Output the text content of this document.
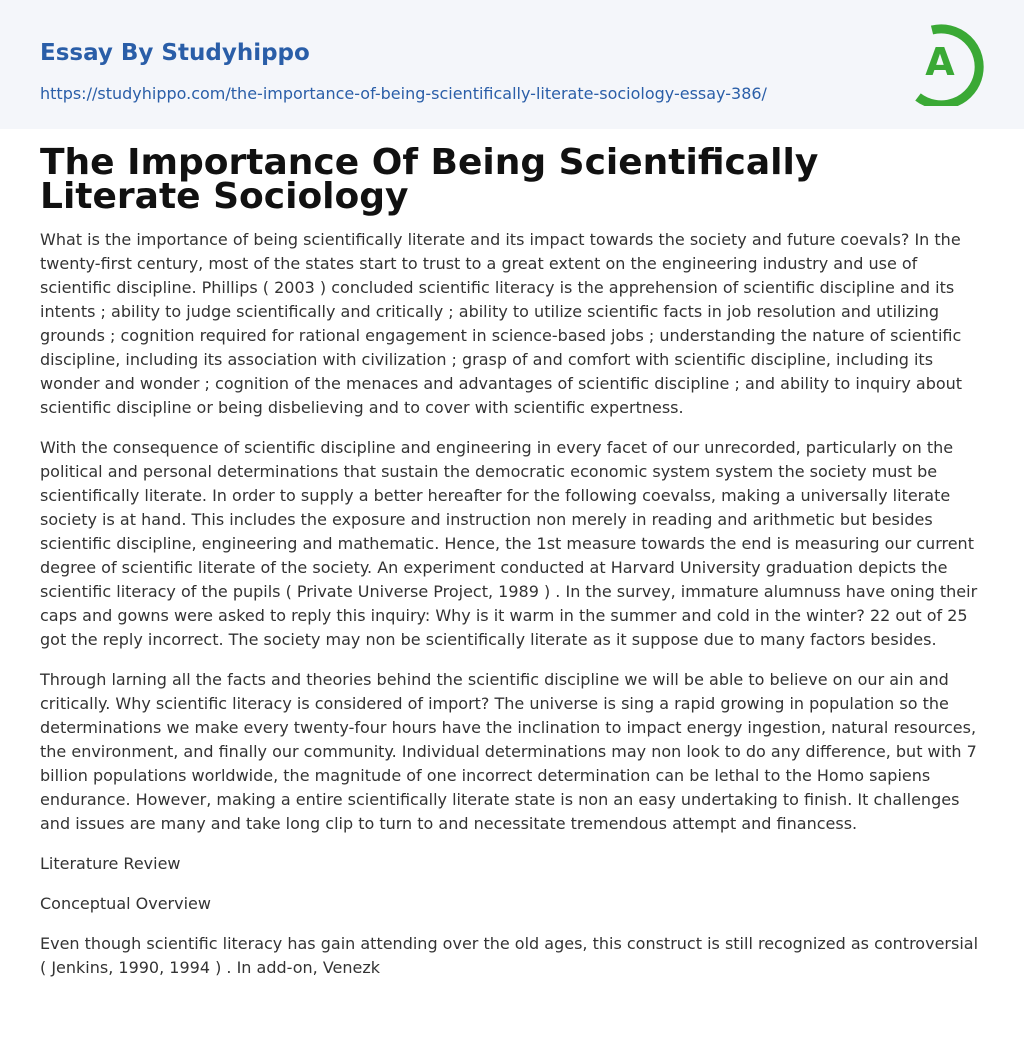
Essay By Studyhippo
https://studyhippo.com/the-importance-of-being-scientifically-literate-sociology-essay-386/
A
The Importance Of Being Scientifically Literate Sociology

What is the importance of being scientifically literate and its impact towards the society and future coevals? In the twenty-first century, most of the states start to trust to a great extent on the engineering industry and use of scientific discipline. Phillips ( 2003 ) concluded scientific literacy is the apprehension of scientific discipline and its intents ; ability to judge scientifically and critically ; ability to utilize scientific facts in job resolution and utilizing grounds ; cognition required for rational engagement in science-based jobs ; understanding the nature of scientific discipline, including its association with civilization ; grasp of and comfort with scientific discipline, including its wonder and wonder ; cognition of the menaces and advantages of scientific discipline ; and ability to inquiry about scientific discipline or being disbelieving and to cover with scientific expertness.

With the consequence of scientific discipline and engineering in every facet of our unrecorded, particularly on the political and personal determinations that sustain the democratic economic system system the society must be scientifically literate. In order to supply a better hereafter for the following coevalss, making a universally literate society is at hand. This includes the exposure and instruction non merely in reading and arithmetic but besides scientific discipline, engineering and mathematic. Hence, the 1st measure towards the end is measuring our current degree of scientific literate of the society. An experiment conducted at Harvard University graduation depicts the scientific literacy of the pupils ( Private Universe Project, 1989 ) . In the survey, immature alumnuss have oning their caps and gowns were asked to reply this inquiry: Why is it warm in the summer and cold in the winter? 22 out of 25 got the reply incorrect. The society may non be scientifically literate as it suppose due to many factors besides.

Through larning all the facts and theories behind the scientific discipline we will be able to believe on our ain and critically. Why scientific literacy is considered of import? The universe is sing a rapid growing in population so the determinations we make every twenty-four hours have the inclination to impact energy ingestion, natural resources, the environment, and finally our community. Individual determinations may non look to do any difference, but with 7 billion populations worldwide, the magnitude of one incorrect determination can be lethal to the Homo sapiens endurance. However, making a entire scientifically literate state is non an easy undertaking to finish. It challenges and issues are many and take long clip to turn to and necessitate tremendous attempt and financess.

Literature Review

Conceptual Overview

Even though scientific literacy has gain attending over the old ages, this construct is still recognized as controversial ( Jenkins, 1990, 1994 ) . In add-on, Venezk
